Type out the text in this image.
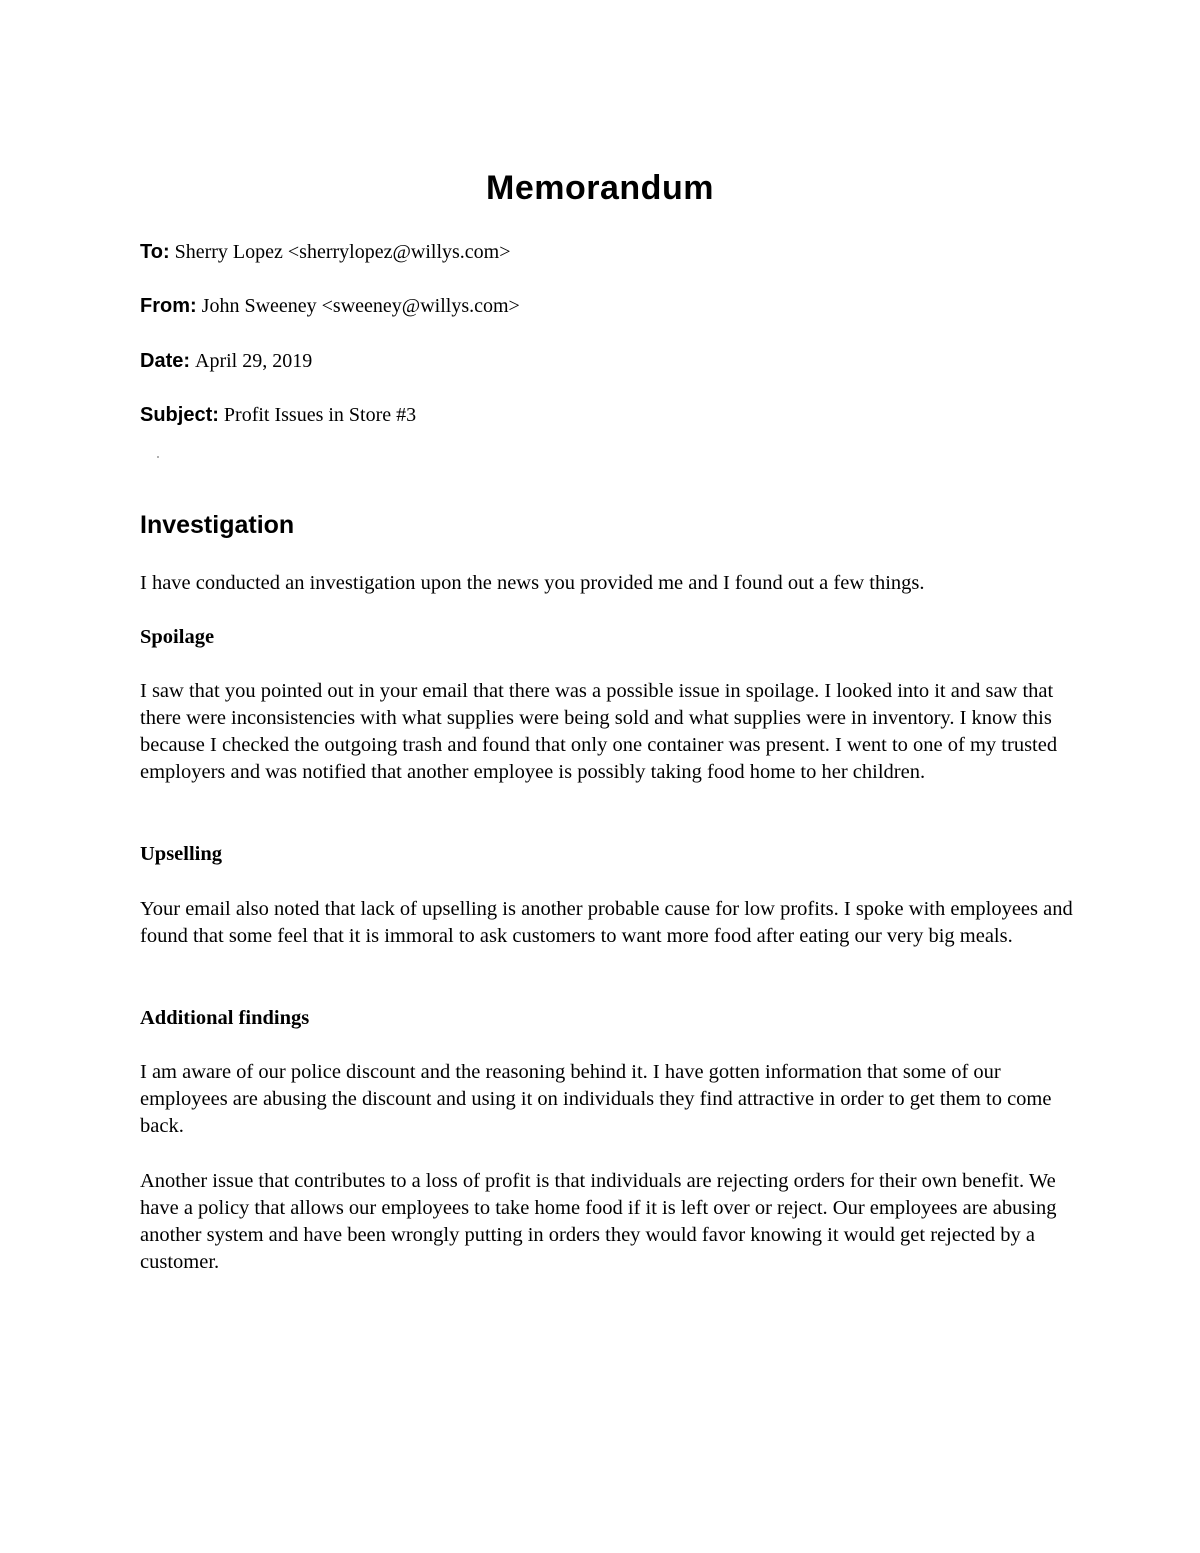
Memorandum
To: Sherry Lopez <sherrylopez@willys.com>
From: John Sweeney <sweeney@willys.com>
Date: April 29, 2019
Subject: Profit Issues in Store #3
Investigation

I have conducted an investigation upon the news you provided me and I found out a few things.

Spoilage

I saw that you pointed out in your email that there was a possible issue in spoilage. I looked into it and saw that there were inconsistencies with what supplies were being sold and what supplies were in inventory. I know this because I checked the outgoing trash and found that only one container was present. I went to one of my trusted employers and was notified that another employee is possibly taking food home to her children.

Upselling

Your email also noted that lack of upselling is another probable cause for low profits. I spoke with employees and found that some feel that it is immoral to ask customers to want more food after eating our very big meals.

Additional findings

I am aware of our police discount and the reasoning behind it. I have gotten information that some of our employees are abusing the discount and using it on individuals they find attractive in order to get them to come back.

Another issue that contributes to a loss of profit is that individuals are rejecting orders for their own benefit. We have a policy that allows our employees to take home food if it is left over or reject. Our employees are abusing another system and have been wrongly putting in orders they would favor knowing it would get rejected by a customer.
